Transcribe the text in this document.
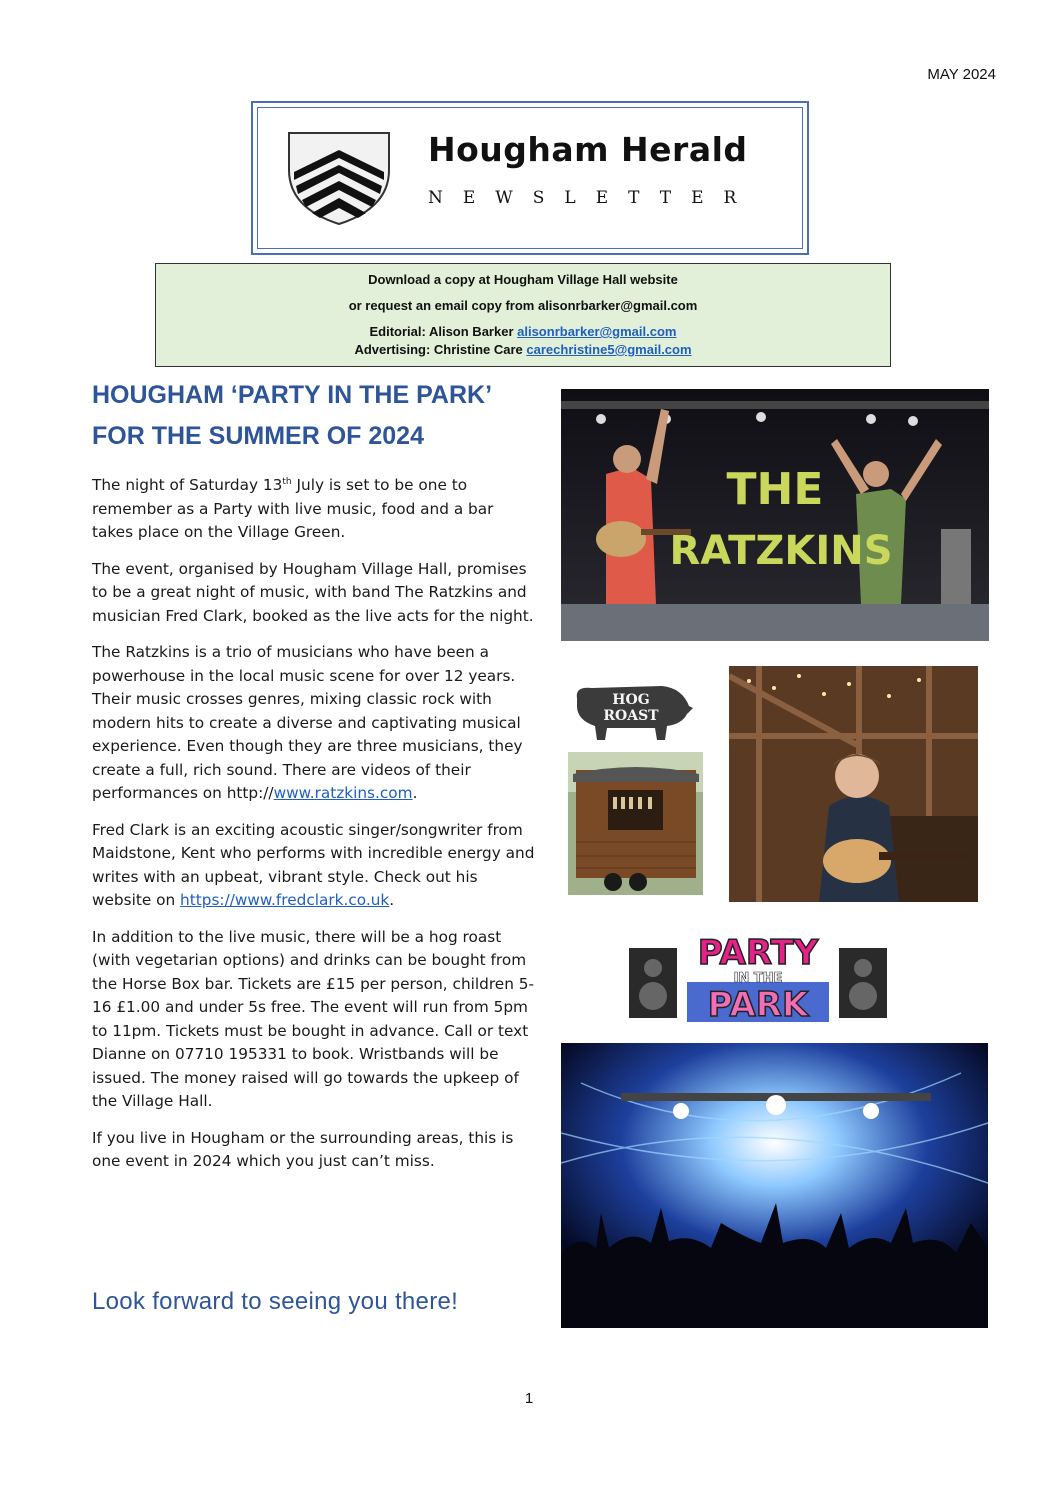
MAY 2024
Hougham Herald
NEWSLETTER
Download a copy at Hougham Village Hall website
or request an email copy from alisonrbarker@gmail.com
Editorial: Alison Barker alisonrbarker@gmail.com
Advertising: Christine Care carechristine5@gmail.com
HOUGHAM ‘PARTY IN THE PARK’
FOR THE SUMMER OF 2024

The night of Saturday 13th July is set to be one to remember as a Party with live music, food and a bar takes place on the Village Green.

The event, organised by Hougham Village Hall, promises to be a great night of music, with band The Ratzkins and musician Fred Clark, booked as the live acts for the night.

The Ratzkins is a trio of musicians who have been a powerhouse in the local music scene for over 12 years. Their music crosses genres, mixing classic rock with modern hits to create a diverse and captivating musical experience. Even though they are three musicians, they create a full, rich sound. There are videos of their performances on http://www.ratzkins.com.

Fred Clark is an exciting acoustic singer/songwriter from Maidstone, Kent who performs with incredible energy and writes with an upbeat, vibrant style. Check out his website on https://www.fredclark.co.uk.

In addition to the live music, there will be a hog roast (with vegetarian options) and drinks can be bought from the Horse Box bar. Tickets are £15 per person, children 5-16 £1.00 and under 5s free. The event will run from 5pm to 11pm. Tickets must be bought in advance. Call or text Dianne on 07710 195331 to book. Wristbands will be issued. The money raised will go towards the upkeep of the Village Hall.

If you live in Hougham or the surrounding areas, this is one event in 2024 which you just can’t miss.

Look forward to seeing you there!
THE
RATZKINS
HOG
ROAST
PARTY
IN THE
PARK
1
